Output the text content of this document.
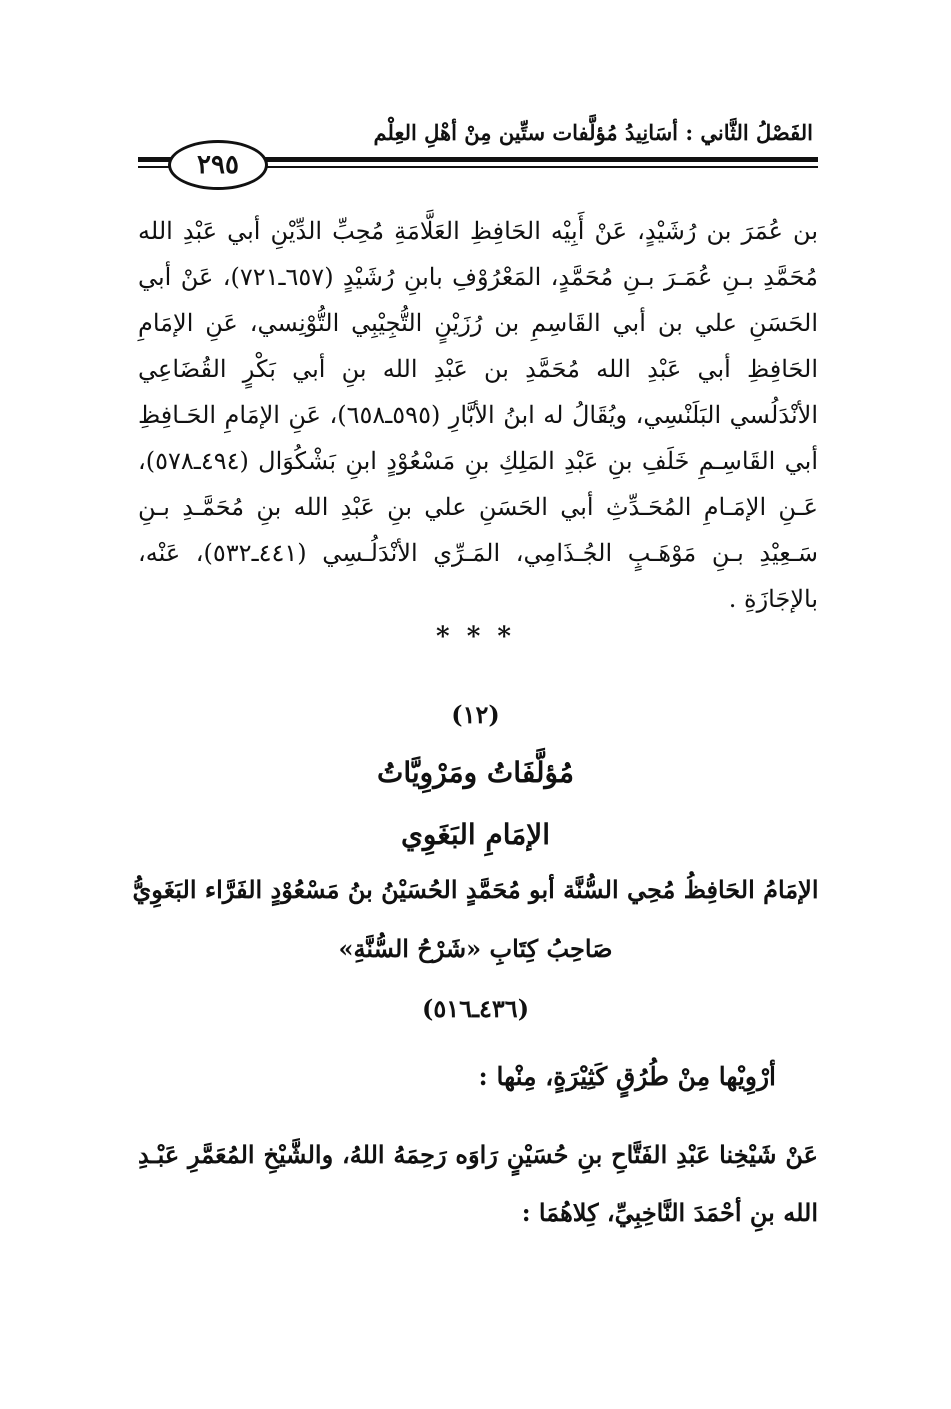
الفَصْلُ الثَّاني : أسَانِيدُ مُؤلَّفات ستِّين مِنْ أهْلِ العِلْم
٢٩٥

بن عُمَرَ بن رُشَيْدٍ، عَنْ أَبِيْه الحَافِظِ العَلَّامَةِ مُحِبِّ الدِّيْنِ أبي عَبْدِ الله مُحَمَّدِ بـنِ عُمَـرَ بـنِ مُحَمَّدٍ، المَعْرُوْفِ بابنِ رُشَيْدٍ (٦٥٧ـ٧٢١)، عَنْ أبي الحَسَنِ علي بن أبي القَاسِمِ بن رُزَيْنٍ التُّجِيْبِي التُّوْنِسي، عَنِ الإمَامِ الحَافِظِ أبي عَبْدِ الله مُحَمَّدِ بن عَبْدِ الله بنِ أبي بَكْرٍ القُضَاعِي الأنْدَلُسي البَلَنْسِي، ويُقَالُ له ابنُ الأبَّارِ (٥٩٥ـ٦٥٨)، عَنِ الإمَامِ الحَـافِظِ أبي القَاسِـمِ خَلَفِ بنِ عَبْدِ المَلِكِ بنِ مَسْعُوْدٍ ابنِ بَشْكُوَال (٤٩٤ـ٥٧٨)، عَـنِ الإمَـامِ المُحَـدِّثِ أبي الحَسَنِ علي بنِ عَبْدِ الله بنِ مُحَمَّـدِ بـنِ سَـعِيْدِ بـنِ مَوْهَـبٍ الجُـذَامِي، المَـرِّي الأنْدَلُـسِي (٤٤١ـ٥٣٢)، عَنْه، بالإجَازَةِ .

* * *
(١٢)
مُؤلَّفَاتُ ومَرْوِيَّاتُ
الإمَامِ البَغَوِي
الإمَامُ الحَافِظُ مُحِي السُّنَّة أبو مُحَمَّدٍ الحُسَيْنُ بنُ مَسْعُوْدٍ الفَرَّاء البَغَوِيُّ
صَاحِبُ كِتَابِ «شَرْحُ السُّنَّةِ»
(٤٣٦ـ٥١٦)
أرْوِيْها مِنْ طُرُقٍ كَثِيْرَةٍ، مِنْها :

عَنْ شَيْخِنا عَبْدِ الفَتَّاحِ بنِ حُسَيْنٍ رَاوَه رَحِمَهُ اللهُ، والشَّيْخِ المُعَمَّرِ عَبْـدِ الله بنِ أحْمَدَ النَّاخِبِيِّ، كِلاهُمَا :
